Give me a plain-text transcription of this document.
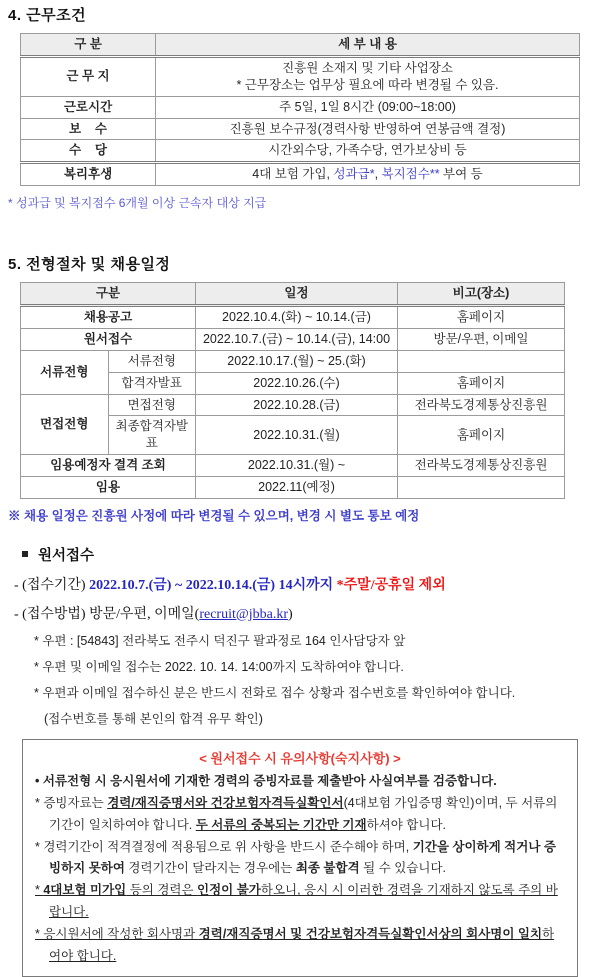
4. 근무조건
구 분	세 부 내 용
근 무 지	진흥원 소재지 및 기타 사업장소
* 근무장소는 업무상 필요에 따라 변경될 수 있음.

근로시간	주 5일, 1일 8시간 (09:00~18:00)
보    수	진흥원 보수규정(경력사항 반영하여 연봉금액 결정)
수    당	시간외수당, 가족수당, 연가보상비 등
복리후생	4대 보험 가입, 성과급*, 복지점수** 부여 등
* 성과급 및 복지점수 6개월 이상 근속자 대상 지급
5. 전형절차 및 채용일정
구분		일정	비고(장소)
채용공고		2022.10.4.(화) ~ 10.14.(금)	홈페이지
원서접수		2022.10.7.(금) ~ 10.14.(금), 14:00	방문/우편, 이메일
서류전형	서류전형	2022.10.17.(월) ~ 25.(화)	
	합격자발표	2022.10.26.(수)	홈페이지
면접전형	면접전형	2022.10.28.(금)	전라북도경제통상진흥원
	최종합격자발표	2022.10.31.(월)	홈페이지
임용예정자 결격 조회		2022.10.31.(월) ~	전라북도경제통상진흥원
임용		2022.11(예정)	
※ 채용 일정은 진흥원 사정에 따라 변경될 수 있으며, 변경 시 별도 통보 예정
원서접수
- (접수기간) 2022.10.7.(금) ~ 2022.10.14.(금) 14시까지 *주말/공휴일 제외
- (접수방법) 방문/우편, 이메일(recruit@jbba.kr)
* 우편 : [54843] 전라북도 전주시 덕진구 팔과정로 164 인사담당자 앞
* 우편 및 이메일 접수는 2022. 10. 14. 14:00까지 도착하여야 합니다.
* 우편과 이메일 접수하신 분은 반드시 전화로 접수 상황과 접수번호를 확인하여야 합니다.
(접수번호를 통해 본인의 합격 유무 확인)
< 원서접수 시 유의사항(숙지사항) >
• 서류전형 시 응시원서에 기재한 경력의 증빙자료를 제출받아 사실여부를 검증합니다.
* 증빙자료는 경력/재직증명서와 건강보험자격득실확인서(4대보험 가입증명 확인)이며, 두 서류의 기간이 일치하여야 합니다. 두 서류의 중복되는 기간만 기재하셔야 합니다.
* 경력기간이 적격결정에 적용됨으로 위 사항을 반드시 준수해야 하며, 기간을 상이하게 적거나 증빙하지 못하여 경력기간이 달라지는 경우에는 최종 불합격 될 수 있습니다.
* 4대보험 미가입 등의 경력은 인정이 불가하오니, 응시 시 이러한 경력을 기재하지 않도록 주의 바랍니다.
* 응시원서에 작성한 회사명과 경력/재직증명서 및 건강보험자격득실확인서상의 회사명이 일치하여야 합니다.
